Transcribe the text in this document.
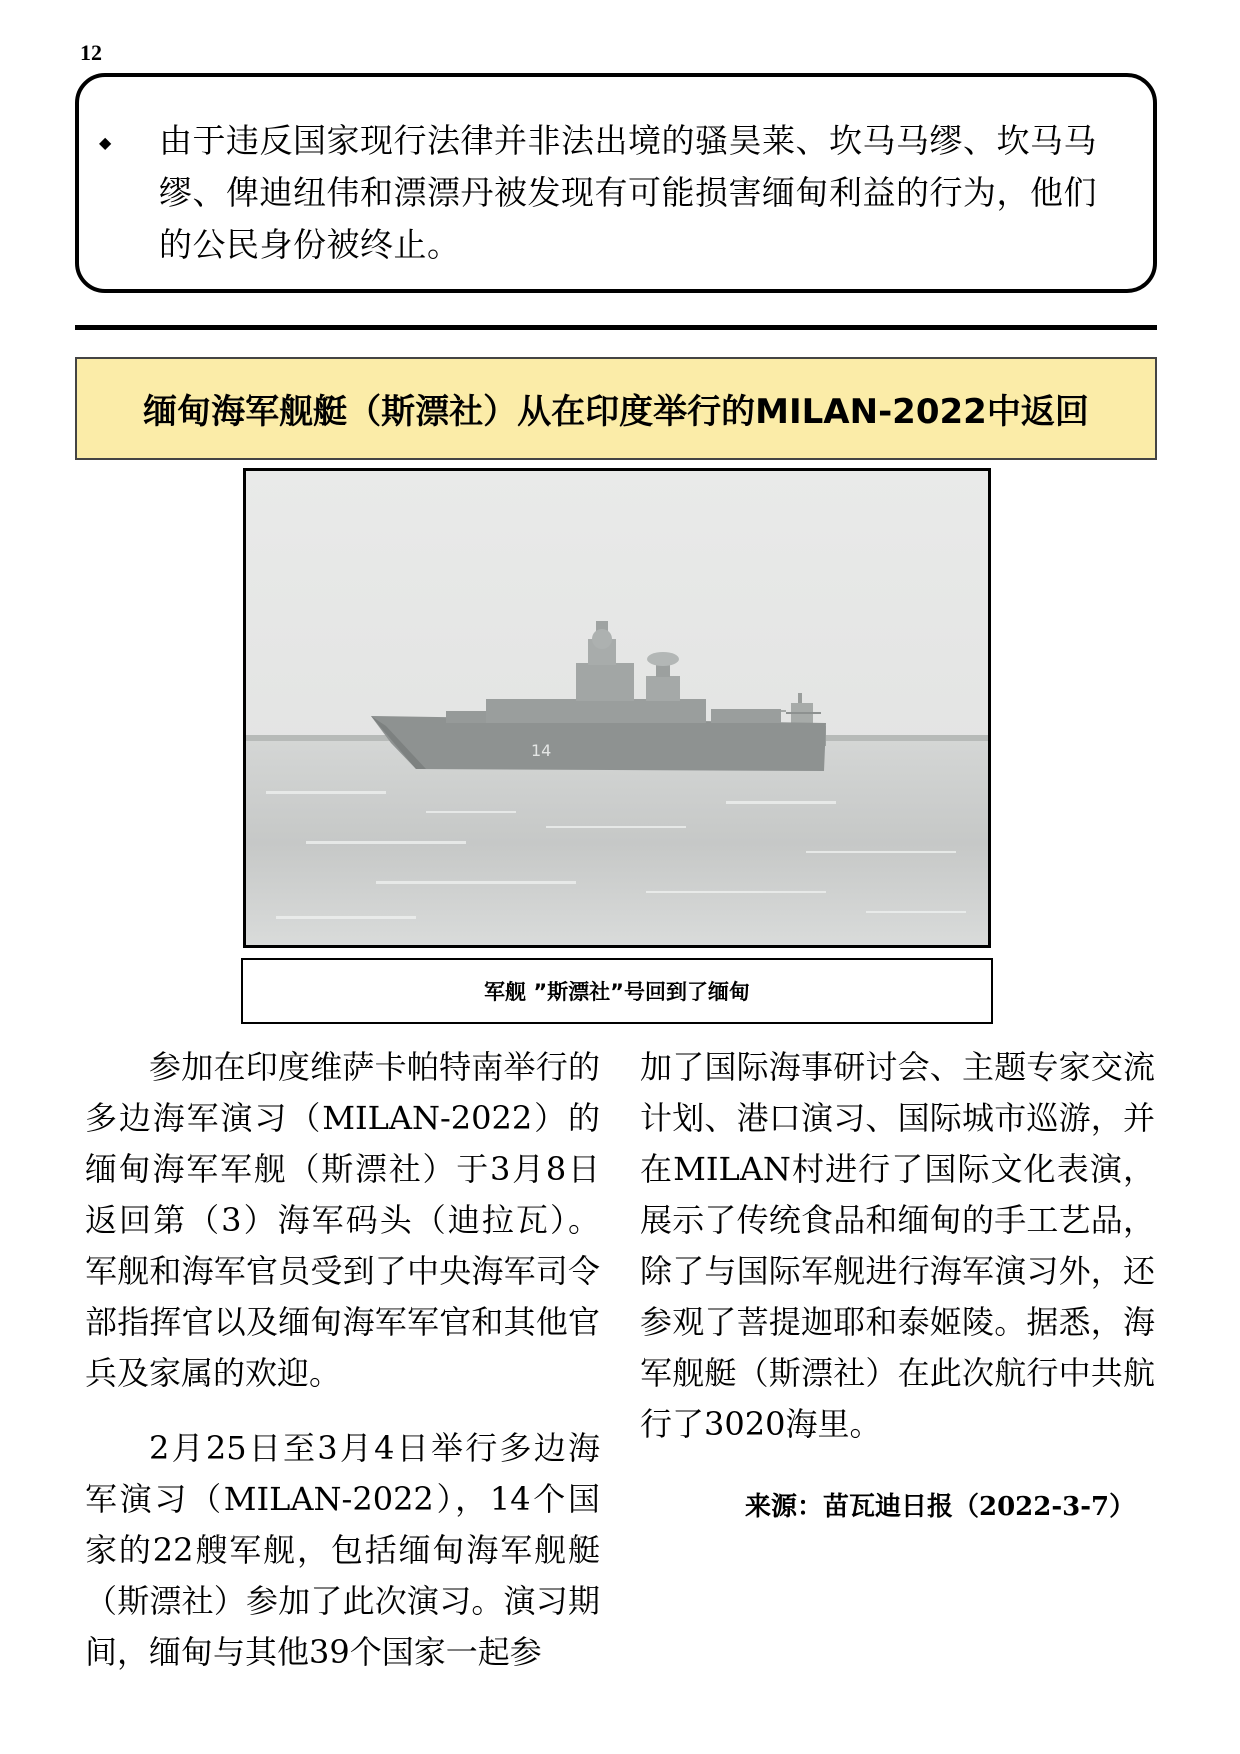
12
◆	由于违反国家现行法律并非法出境的骚昊莱、坎马马缪、坎马马缪、俾迪纽伟和漂漂丹被发现有可能损害缅甸利益的行为，他们的公民身份被终止。

缅甸海军舰艇（斯漂社）从在印度举行的MILAN-2022中返回
14
军舰 ”斯漂社”号回到了缅甸

参加在印度维萨卡帕特南举行的多边海军演习（MILAN-2022）的缅甸海军军舰（斯漂社）于3月8日返回第（3）海军码头（迪拉瓦）。军舰和海军官员受到了中央海军司令部指挥官以及缅甸海军军官和其他官兵及家属的欢迎。

2月25日至3月4日举行多边海军演习（MILAN-2022），14个国家的22艘军舰，包括缅甸海军舰艇（斯漂社）参加了此次演习。演习期间，缅甸与其他39个国家一起参

加了国际海事研讨会、主题专家交流计划、港口演习、国际城市巡游，并在MILAN村进行了国际文化表演，展示了传统食品和缅甸的手工艺品，除了与国际军舰进行海军演习外，还参观了菩提迦耶和泰姬陵。据悉，海军舰艇（斯漂社）在此次航行中共航行了3020海里。

来源：苗瓦迪日报（2022-3-7）
